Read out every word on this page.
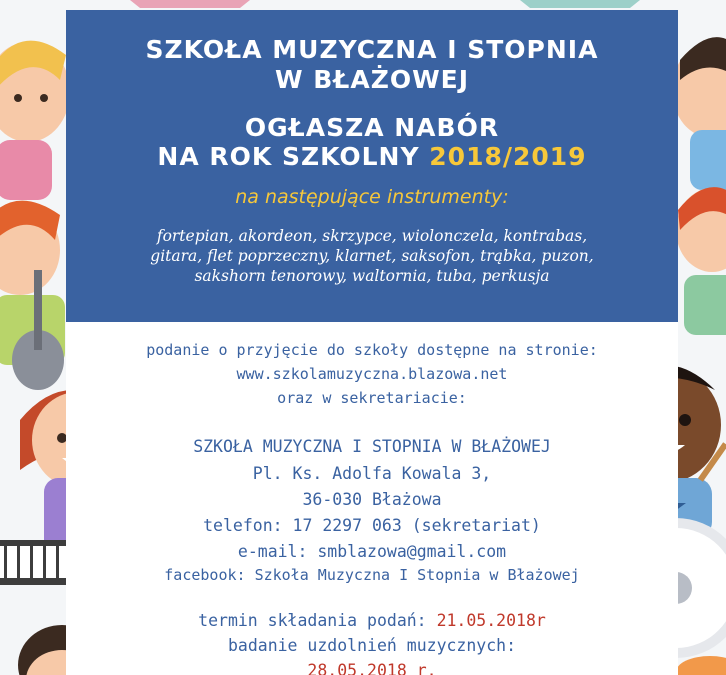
SZKOŁA MUZYCZNA I STOPNIA
W BŁAŻOWEJ
OGŁASZA NABÓR
NA ROK SZKOLNY 2018/2019
na następujące instrumenty:
fortepian, akordeon, skrzypce, wiolonczela, kontrabas,
gitara, flet poprzeczny, klarnet, saksofon, trąbka, puzon,
sakshorn tenorowy, waltornia, tuba, perkusja
podanie o przyjęcie do szkoły dostępne na stronie:
www.szkolamuzyczna.blazowa.net
oraz w sekretariacie:
SZKOŁA MUZYCZNA I STOPNIA W BŁAŻOWEJ
Pl. Ks. Adolfa Kowala 3,
36-030 Błażowa
telefon: 17 2297 063 (sekretariat)
e-mail: smblazowa@gmail.com
facebook: Szkoła Muzyczna I Stopnia w Błażowej
termin składania podań: 21.05.2018r
badanie uzdolnień muzycznych:
28.05.2018 r.
